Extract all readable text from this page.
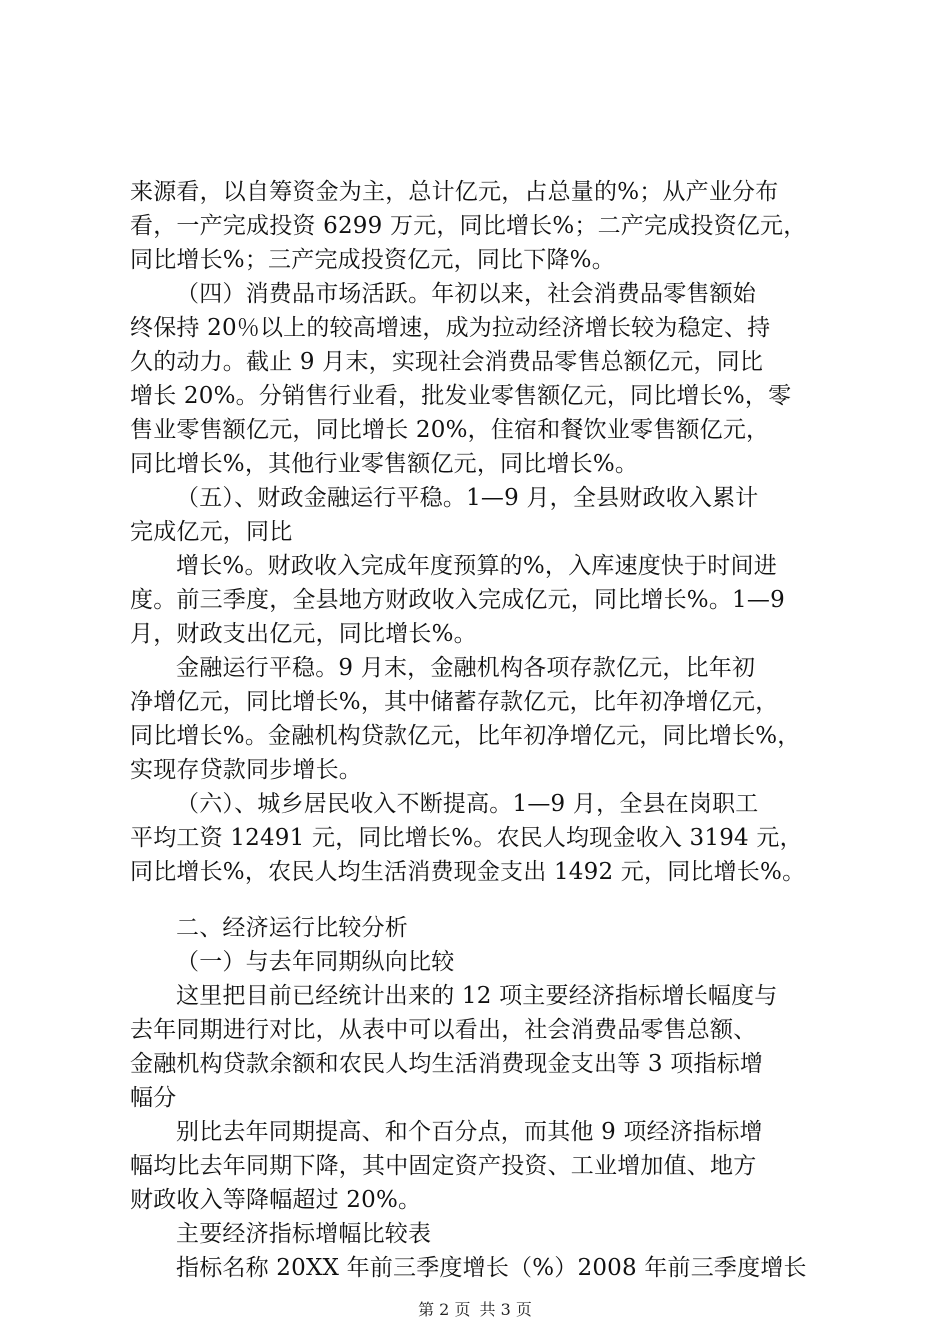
来源看，以自筹资金为主，总计亿元，占总量的%；从产业分布
看，一产完成投资 6299 万元，同比增长%；二产完成投资亿元，
同比增长%；三产完成投资亿元，同比下降%。
（四）消费品市场活跃。年初以来，社会消费品零售额始
终保持 20％以上的较高增速，成为拉动经济增长较为稳定、持
久的动力。截止 9 月末，实现社会消费品零售总额亿元，同比
增长 20%。分销售行业看，批发业零售额亿元，同比增长%，零
售业零售额亿元，同比增长 20%，住宿和餐饮业零售额亿元，
同比增长%，其他行业零售额亿元，同比增长%。
（五）、财政金融运行平稳。1—9 月，全县财政收入累计
完成亿元，同比
增长%。财政收入完成年度预算的%，入库速度快于时间进
度。前三季度，全县地方财政收入完成亿元，同比增长%。1—9
月，财政支出亿元，同比增长%。
金融运行平稳。9 月末，金融机构各项存款亿元，比年初
净增亿元，同比增长%，其中储蓄存款亿元，比年初净增亿元，
同比增长%。金融机构贷款亿元，比年初净增亿元，同比增长%，
实现存贷款同步增长。
（六）、城乡居民收入不断提高。1—9 月，全县在岗职工
平均工资 12491 元，同比增长%。农民人均现金收入 3194 元，
同比增长%，农民人均生活消费现金支出 1492 元，同比增长%。
二、经济运行比较分析
（一）与去年同期纵向比较
这里把目前已经统计出来的 12 项主要经济指标增长幅度与
去年同期进行对比，从表中可以看出，社会消费品零售总额、
金融机构贷款余额和农民人均生活消费现金支出等 3 项指标增
幅分
别比去年同期提高、和个百分点，而其他 9 项经济指标增
幅均比去年同期下降，其中固定资产投资、工业增加值、地方
财政收入等降幅超过 20%。
主要经济指标增幅比较表
指标名称 20XX 年前三季度增长（%）2008 年前三季度增长
第 2 页 共 3 页
